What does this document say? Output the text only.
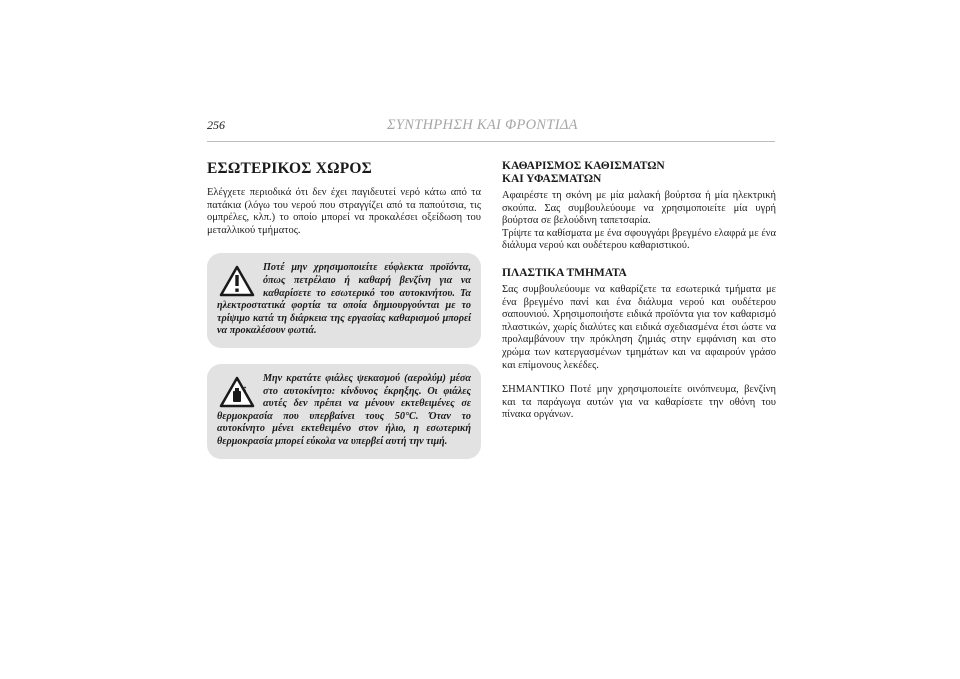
256	ΣΥΝΤΗΡΗΣΗ ΚΑΙ ΦΡΟΝΤΙΔΑ
ΕΣΩΤΕΡΙΚΟΣ ΧΩΡΟΣ

Ελέγχετε περιοδικά ότι δεν έχει παγιδευτεί νερό κάτω από τα πατάκια (λόγω του νερού που στραγγίζει από τα παπούτσια, τις ομπρέλες, κλπ.) το οποίο μπορεί να προκαλέσει οξείδωση του μεταλλικού τμήματος.

Ποτέ μην χρησιμοποιείτε εύφλεκτα προϊόντα, όπως πετρέλαιο ή καθαρή βενζίνη για να καθαρίσετε το εσωτερικό του αυτοκινήτου. Τα ηλεκτροστατικά φορτία τα οποία δημιουργούνται με το τρίψιμο κατά τη διάρκεια της εργασίας καθαρισμού μπορεί να προκαλέσουν φωτιά.
Μην κρατάτε φιάλες ψεκασμού (αερολύμ) μέσα στο αυτοκίνητο: κίνδυνος έκρηξης. Οι φιάλες αυτές δεν πρέπει να μένουν εκτεθειμένες σε θερμοκρασία που υπερβαίνει τους 50°C. Όταν το αυτοκίνητο μένει εκτεθειμένο στον ήλιο, η εσωτερική θερμοκρασία μπορεί εύκολα να υπερβεί αυτή την τιμή.
ΚΑΘΑΡΙΣΜΟΣ ΚΑΘΙΣΜΑΤΩΝ
ΚΑΙ ΥΦΑΣΜΑΤΩΝ

Αφαιρέστε τη σκόνη με μία μαλακή βούρτσα ή μία ηλεκτρική σκούπα. Σας συμβουλεύουμε να χρησιμοποιείτε μία υγρή βούρτσα σε βελούδινη ταπετσαρία.

Τρίψτε τα καθίσματα με ένα σφουγγάρι βρεγμένο ελαφρά με ένα διάλυμα νερού και ουδέτερου καθαριστικού.

ΠΛΑΣΤΙΚΑ ΤΜΗΜΑΤΑ

Σας συμβουλεύουμε να καθαρίζετε τα εσωτερικά τμήματα με ένα βρεγμένο πανί και ένα διάλυμα νερού και ουδέτερου σαπουνιού. Χρησιμοποιήστε ειδικά προϊόντα για τον καθαρισμό πλαστικών, χωρίς διαλύτες και ειδικά σχεδιασμένα έτσι ώστε να προλαμβάνουν την πρόκληση ζημιάς στην εμφάνιση και στο χρώμα των κατεργασμένων τμημάτων και να αφαιρούν γράσο και επίμονους λεκέδες.

ΣΗΜΑΝΤΙΚΟ Ποτέ μην χρησιμοποιείτε οινόπνευμα, βενζίνη και τα παράγωγα αυτών για να καθαρίσετε την οθόνη του πίνακα οργάνων.
